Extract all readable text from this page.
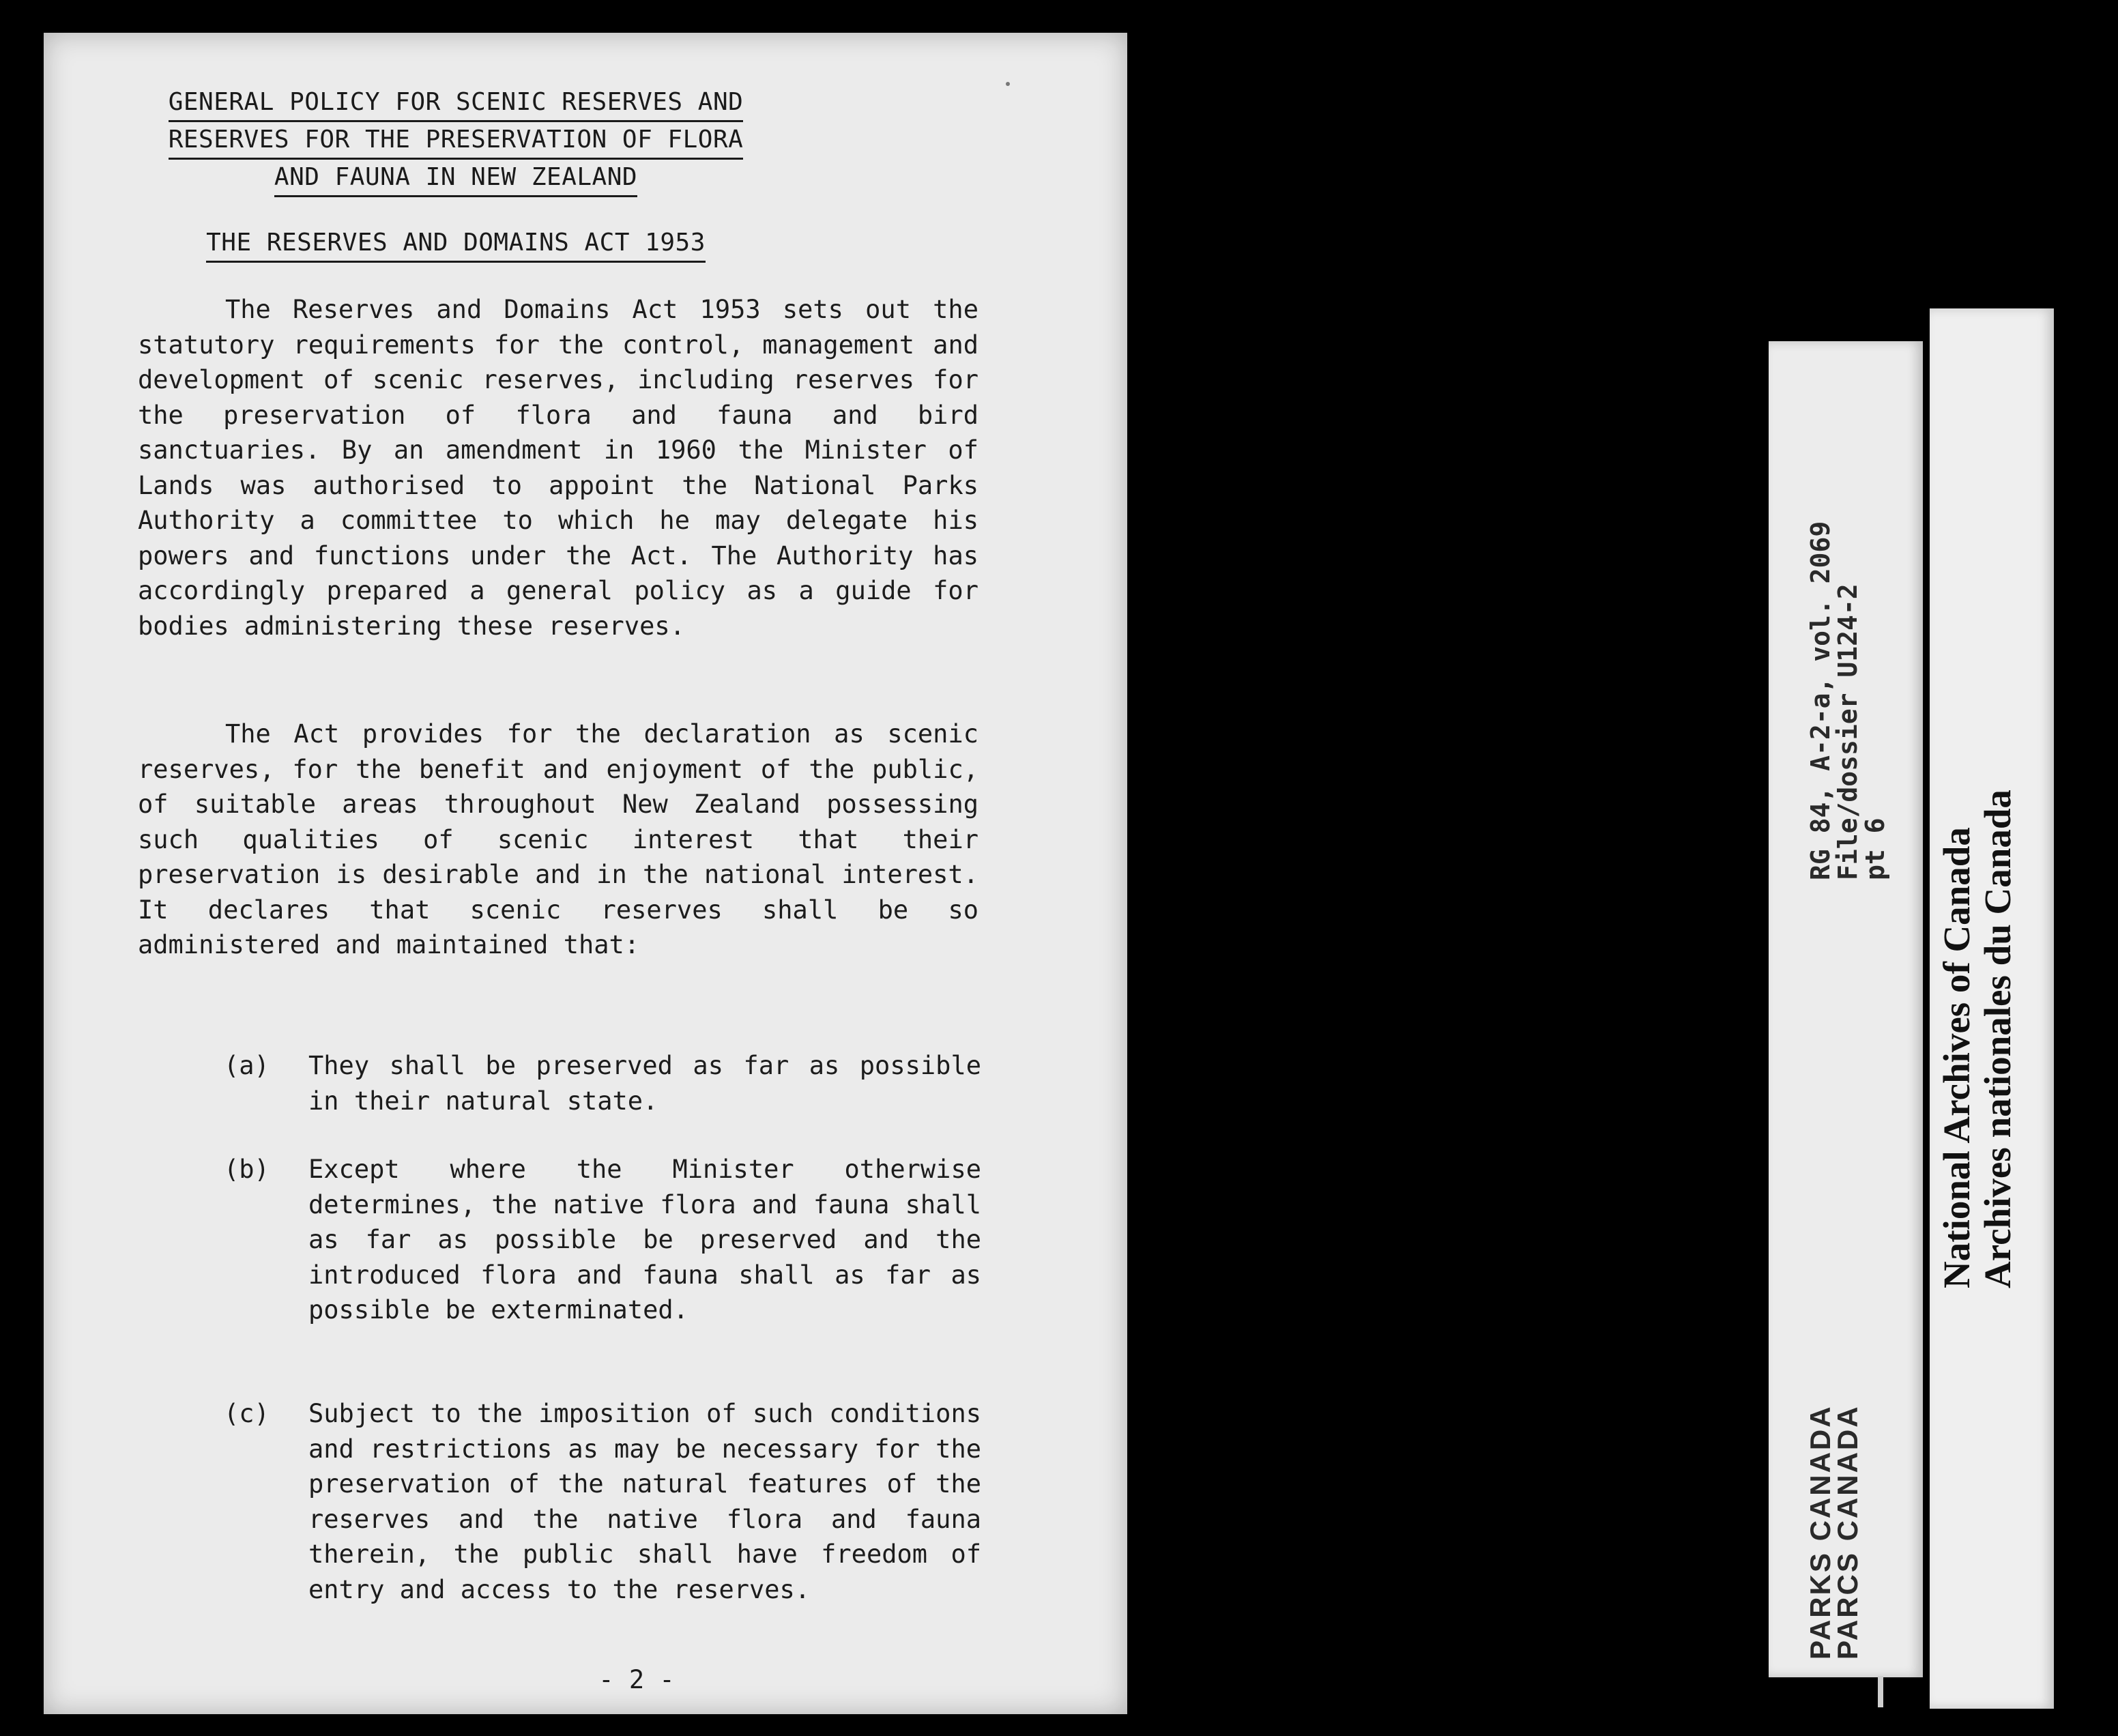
GENERAL POLICY FOR SCENIC RESERVES AND
RESERVES FOR THE PRESERVATION OF FLORA
AND FAUNA IN NEW ZEALAND
THE RESERVES AND DOMAINS ACT 1953

The Reserves and Domains Act 1953 sets out the statutory requirements for the control, management and development of scenic reserves, including reserves for the preservation of flora and fauna and bird sanctuaries. By an amendment in 1960 the Minister of Lands was authorised to appoint the National Parks Authority a committee to which he may delegate his powers and functions under the Act. The Authority has accordingly prepared a general policy as a guide for bodies administering these reserves.

The Act provides for the declaration as scenic reserves, for the benefit and enjoyment of the public, of suitable areas throughout New Zealand possessing such qualities of scenic interest that their preservation is desirable and in the national interest. It declares that scenic reserves shall be so administered and maintained that:

(a)	They shall be preserved as far as possible in their natural state.
(b)	Except where the Minister otherwise determines, the native flora and fauna shall as far as possible be preserved and the introduced flora and fauna shall as far as possible be exterminated.
(c)	Subject to the imposition of such conditions and restrictions as may be necessary for the preservation of the natural features of the reserves and the native flora and fauna therein, the public shall have freedom of entry and access to the reserves.
- 2 -
RG 84, A-2-a, vol. 2069
File/dossier U124-2
pt 6
PARKS CANADA
PARCS CANADA
National Archives of Canada Archives nationales du Canada
